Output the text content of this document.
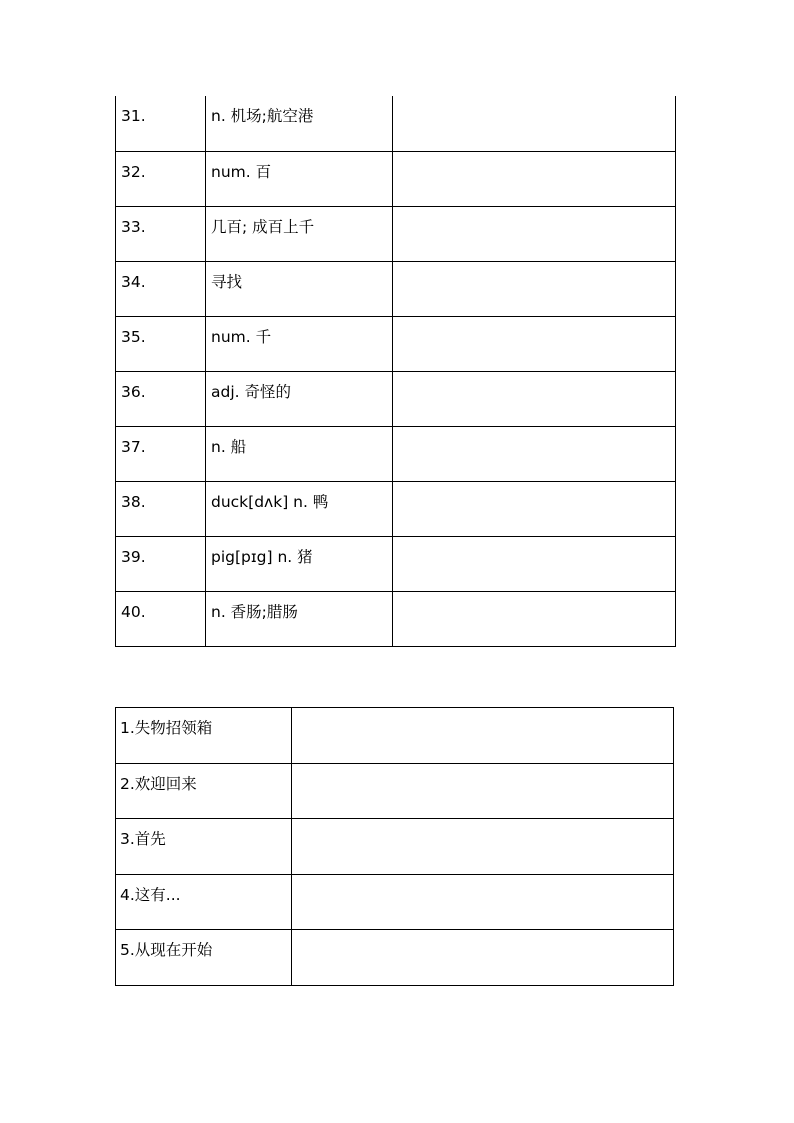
31.	n. 机场;航空港	
32.	num. 百	
33.	几百; 成百上千	
34.	寻找	
35.	num. 千	
36.	adj. 奇怪的	
37.	n. 船	
38.	duck[dʌk] n. 鸭	
39.	pig[pɪg] n. 猪	
40.	n. 香肠;腊肠	
1.失物招领箱	
2.欢迎回来	
3.首先	
4.这有...	
5.从现在开始	
